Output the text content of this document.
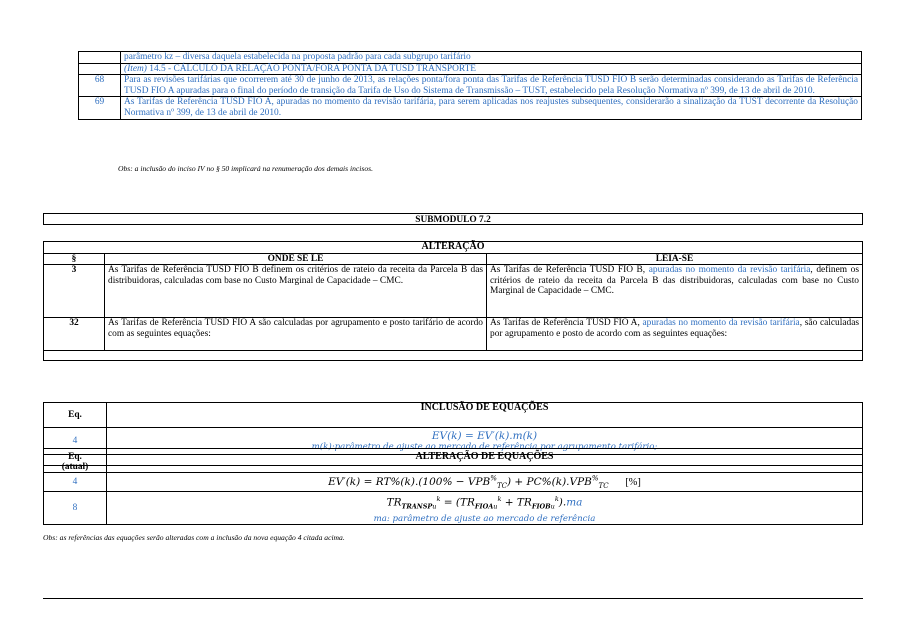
	parâmetro kz – diversa daquela estabelecida na proposta padrão para cada subgrupo tarifário
	(Item) 14.5 - CÁLCULO DA RELAÇÃO PONTA/FORA PONTA DA TUSD TRANSPORTE
68	Para as revisões tarifárias que ocorrerem até 30 de junho de 2013, as relações ponta/fora ponta das Tarifas de Referência TUSD FIO B serão determinadas considerando as Tarifas de Referência TUSD FIO A apuradas para o final do período de transição da Tarifa de Uso do Sistema de Transmissão – TUST, estabelecido pela Resolução Normativa nº 399, de 13 de abril de 2010.
69	As Tarifas de Referência TUSD FIO A, apuradas no momento da revisão tarifária, para serem aplicadas nos reajustes subsequentes, considerarão a sinalização da TUST decorrente da Resolução Normativa nº 399, de 13 de abril de 2010.
Obs: a inclusão do inciso IV no § 50 implicará na renumeração dos demais incisos.
SUBMODULO 7.2
ALTERAÇÃO		
§	ONDE SE LE	LEIA-SE
3	As Tarifas de Referência TUSD FIO B definem os critérios de rateio da receita da Parcela B das distribuidoras, calculadas com base no Custo Marginal de Capacidade – CMC.	As Tarifas de Referência TUSD FIO B, apuradas no momento da revisão tarifária, definem os critérios de rateio da receita da Parcela B das distribuidoras, calculadas com base no Custo Marginal de Capacidade – CMC.
32	As Tarifas de Referência TUSD FIO A são calculadas por agrupamento e posto tarifário de acordo com as seguintes equações:	As Tarifas de Referência TUSD FIO A, apuradas no momento da revisão tarifária, são calculadas por agrupamento e posto de acordo com as seguintes equações:

Eq.	INCLUSÃO DE EQUAÇÕES
4	EV(k) = EV′(k).m(k)
m(k):parâmetro de ajuste ao mercado de referência por agrupamento tarifário;

Eq.
(atual)	ALTERAÇÃO DE EQUAÇÕES
4	$EV'(k) = RT\%(k).(100\% - VPB^{\%}_{TC}) + PC\%(k).VPB^{\%}_{TC}$ [%]
8	$TR_{TRANSPu}^k = (TR_{FIOAu}^k + TR_{FIOBu}^k).ma$
ma: parâmetro de ajuste ao mercado de referência
Obs: as referências das equações serão alteradas com a inclusão da nova equação 4 citada acima.
